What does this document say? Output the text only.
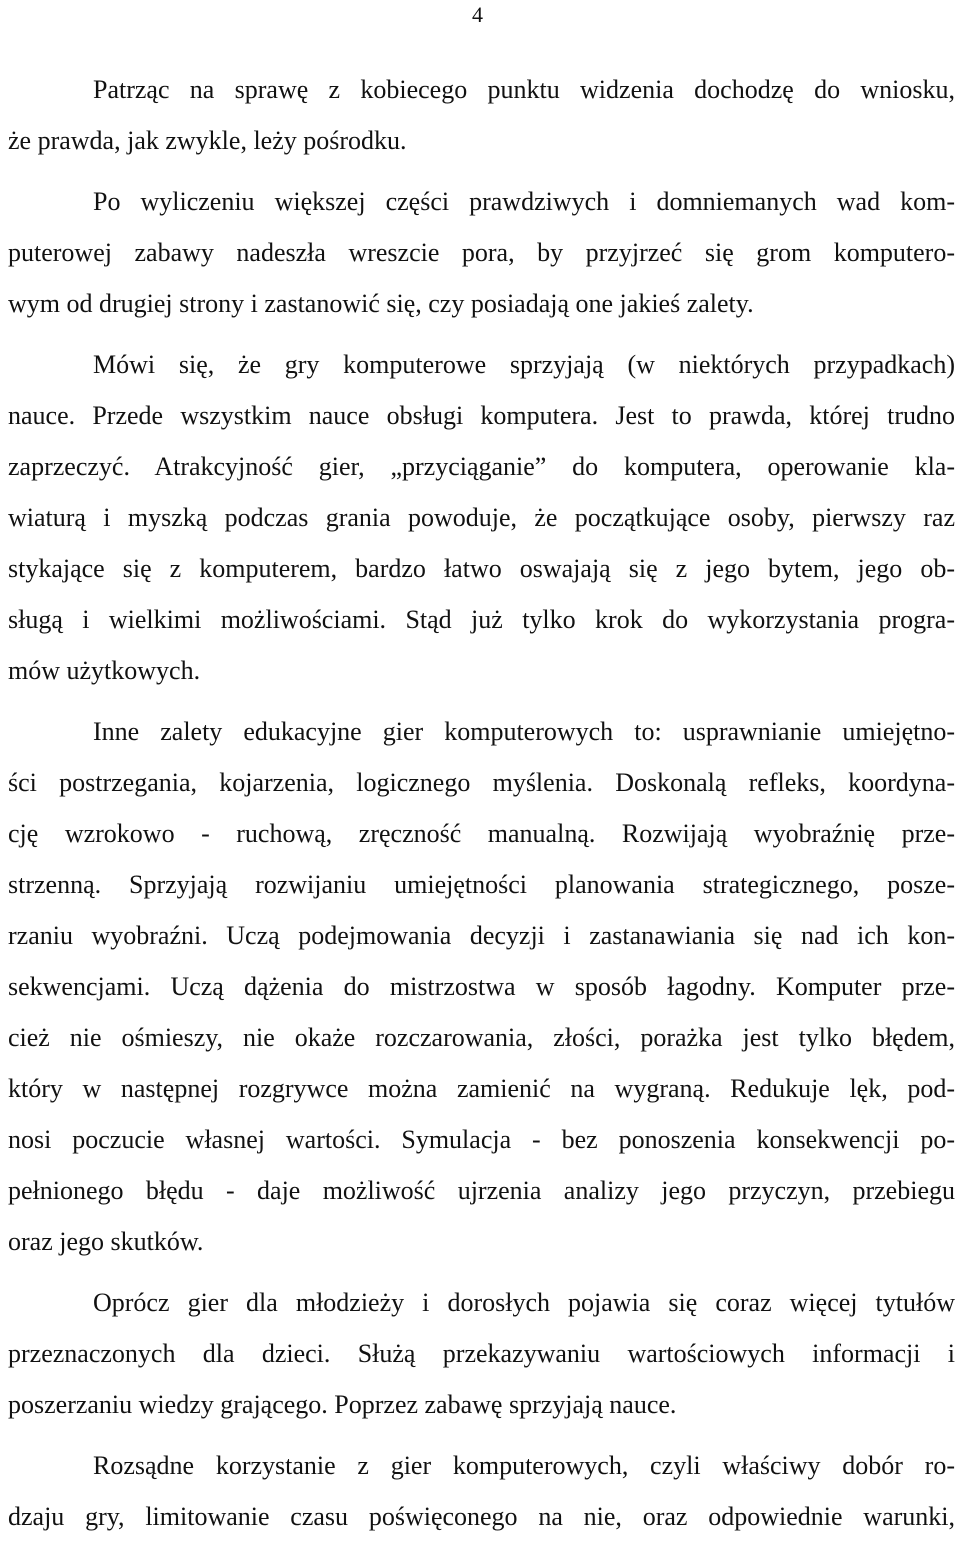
4

Patrząc na sprawę z kobiecego punktu widzenia dochodzę do wniosku,
że prawda, jak zwykle, leży pośrodku.
Po wyliczeniu większej części prawdziwych i domniemanych wad kom-
puterowej zabawy nadeszła wreszcie pora, by przyjrzeć się grom komputero-
wym od drugiej strony i zastanowić się, czy posiadają one jakieś zalety.
Mówi się, że gry komputerowe sprzyjają (w niektórych przypadkach)
nauce. Przede wszystkim nauce obsługi komputera. Jest to prawda, której trudno
zaprzeczyć. Atrakcyjność gier, „przyciąganie” do komputera, operowanie kla-
wiaturą i myszką podczas grania powoduje, że początkujące osoby, pierwszy raz
stykające się z komputerem, bardzo łatwo oswajają się z jego bytem, jego ob-
sługą i wielkimi możliwościami. Stąd już tylko krok do wykorzystania progra-
mów użytkowych.
Inne zalety edukacyjne gier komputerowych to: usprawnianie umiejętno-
ści postrzegania, kojarzenia, logicznego myślenia. Doskonalą refleks, koordyna-
cję wzrokowo - ruchową, zręczność manualną. Rozwijają wyobraźnię prze-
strzenną. Sprzyjają rozwijaniu umiejętności planowania strategicznego, posze-
rzaniu wyobraźni. Uczą podejmowania decyzji i zastanawiania się nad ich kon-
sekwencjami. Uczą dążenia do mistrzostwa w sposób łagodny. Komputer prze-
cież nie ośmieszy, nie okaże rozczarowania, złości, porażka jest tylko błędem,
który w następnej rozgrywce można zamienić na wygraną. Redukuje lęk, pod-
nosi poczucie własnej wartości. Symulacja - bez ponoszenia konsekwencji po-
pełnionego błędu - daje możliwość ujrzenia analizy jego przyczyn, przebiegu
oraz jego skutków.
Oprócz gier dla młodzieży i dorosłych pojawia się coraz więcej tytułów
przeznaczonych dla dzieci. Służą przekazywaniu wartościowych informacji i
poszerzaniu wiedzy grającego. Poprzez zabawę sprzyjają nauce.
Rozsądne korzystanie z gier komputerowych, czyli właściwy dobór ro-
dzaju gry, limitowanie czasu poświęconego na nie, oraz odpowiednie warunki,
